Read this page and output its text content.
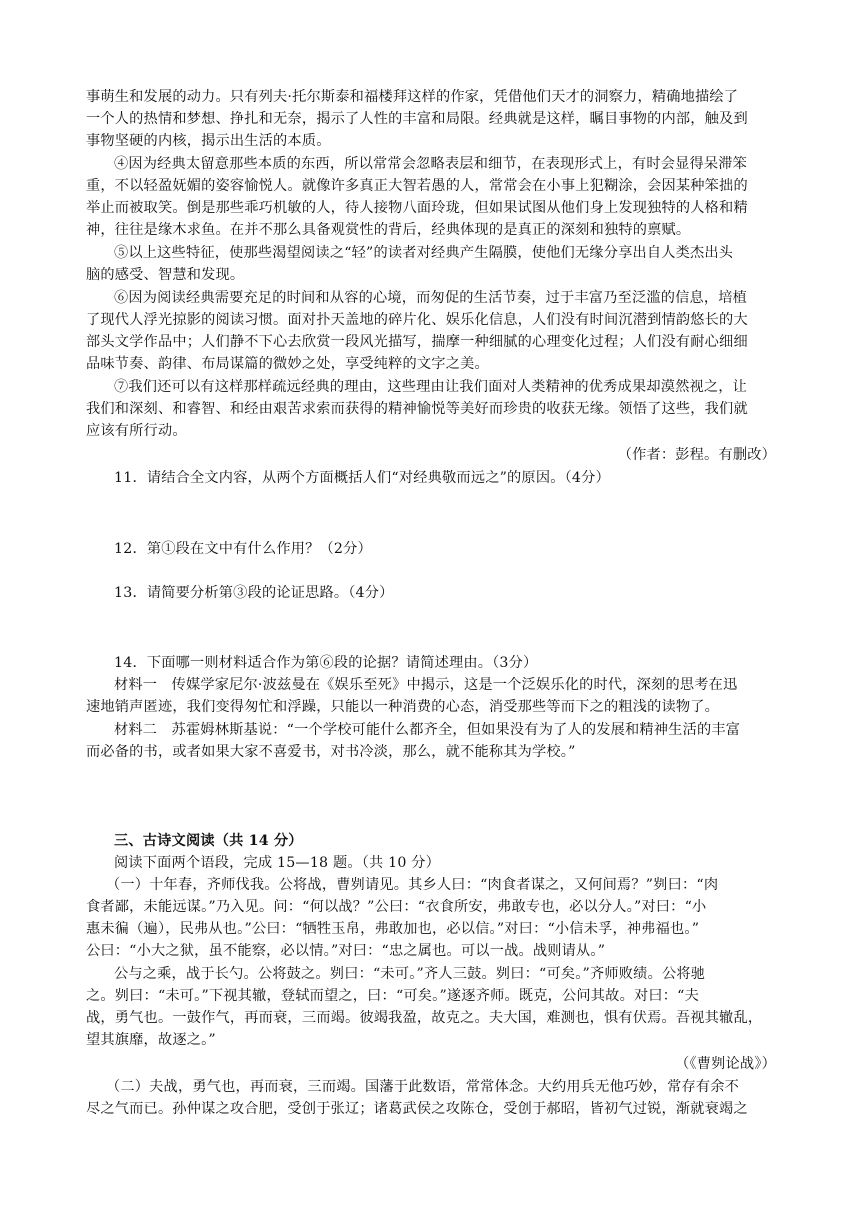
事萌生和发展的动力。只有列夫·托尔斯泰和福楼拜这样的作家，凭借他们天才的洞察力，精确地描绘了
一个人的热情和梦想、挣扎和无奈，揭示了人性的丰富和局限。经典就是这样，瞩目事物的内部，触及到
事物坚硬的内核，揭示出生活的本质。
④因为经典太留意那些本质的东西，所以常常会忽略表层和细节，在表现形式上，有时会显得呆滞笨
重，不以轻盈妩媚的姿容愉悦人。就像许多真正大智若愚的人，常常会在小事上犯糊涂，会因某种笨拙的
举止而被取笑。倒是那些乖巧机敏的人，待人接物八面玲珑，但如果试图从他们身上发现独特的人格和精
神，往往是缘木求鱼。在并不那么具备观赏性的背后，经典体现的是真正的深刻和独特的禀赋。
⑤以上这些特征，使那些渴望阅读之“轻”的读者对经典产生隔膜，使他们无缘分享出自人类杰出头
脑的感受、智慧和发现。
⑥因为阅读经典需要充足的时间和从容的心境，而匆促的生活节奏，过于丰富乃至泛滥的信息，培植
了现代人浮光掠影的阅读习惯。面对扑天盖地的碎片化、娱乐化信息，人们没有时间沉潜到情韵悠长的大
部头文学作品中；人们静不下心去欣赏一段风光描写，揣摩一种细腻的心理变化过程；人们没有耐心细细
品味节奏、韵律、布局谋篇的微妙之处，享受纯粹的文字之美。
⑦我们还可以有这样那样疏远经典的理由，这些理由让我们面对人类精神的优秀成果却漠然视之，让
我们和深刻、和睿智、和经由艰苦求索而获得的精神愉悦等美好而珍贵的收获无缘。领悟了这些，我们就
应该有所行动。
（作者：彭程。有删改）
11．请结合全文内容，从两个方面概括人们“对经典敬而远之”的原因。（4分）
12．第①段在文中有什么作用？（2分）
13．请简要分析第③段的论证思路。（4分）
14．下面哪一则材料适合作为第⑥段的论据？请简述理由。（3分）
材料一　传媒学家尼尔·波兹曼在《娱乐至死》中揭示，这是一个泛娱乐化的时代，深刻的思考在迅
速地销声匿迹，我们变得匆忙和浮躁，只能以一种消费的心态，消受那些等而下之的粗浅的读物了。
材料二　苏霍姆林斯基说：“一个学校可能什么都齐全，但如果没有为了人的发展和精神生活的丰富
而必备的书，或者如果大家不喜爱书，对书冷淡，那么，就不能称其为学校。”
三、古诗文阅读（共 14 分）
阅读下面两个语段，完成 15—18 题。（共 10 分）
（一）十年春，齐师伐我。公将战，曹刿请见。其乡人曰：“肉食者谋之，又何间焉？”刿曰：“肉
食者鄙，未能远谋。”乃入见。问：“何以战？”公曰：“衣食所安，弗敢专也，必以分人。”对曰：“小
惠未徧（遍），民弗从也。”公曰：“牺牲玉帛，弗敢加也，必以信。”对曰：“小信未孚，神弗福也。”
公曰：“小大之狱，虽不能察，必以情。”对曰：“忠之属也。可以一战。战则请从。”
公与之乘，战于长勺。公将鼓之。刿曰：“未可。”齐人三鼓。刿曰：“可矣。”齐师败绩。公将驰
之。刿曰：“未可。”下视其辙，登轼而望之，曰：“可矣。”遂逐齐师。既克，公问其故。对曰：“夫
战，勇气也。一鼓作气，再而衰，三而竭。彼竭我盈，故克之。夫大国，难测也，惧有伏焉。吾视其辙乱，
望其旗靡，故逐之。”
（《曹刿论战》）
（二）夫战，勇气也，再而衰，三而竭。国藩于此数语，常常体念。大约用兵无他巧妙，常存有余不
尽之气而已。孙仲谋之攻合肥，受创于张辽；诸葛武侯之攻陈仓，受创于郝昭，皆初气过锐，渐就衰竭之
